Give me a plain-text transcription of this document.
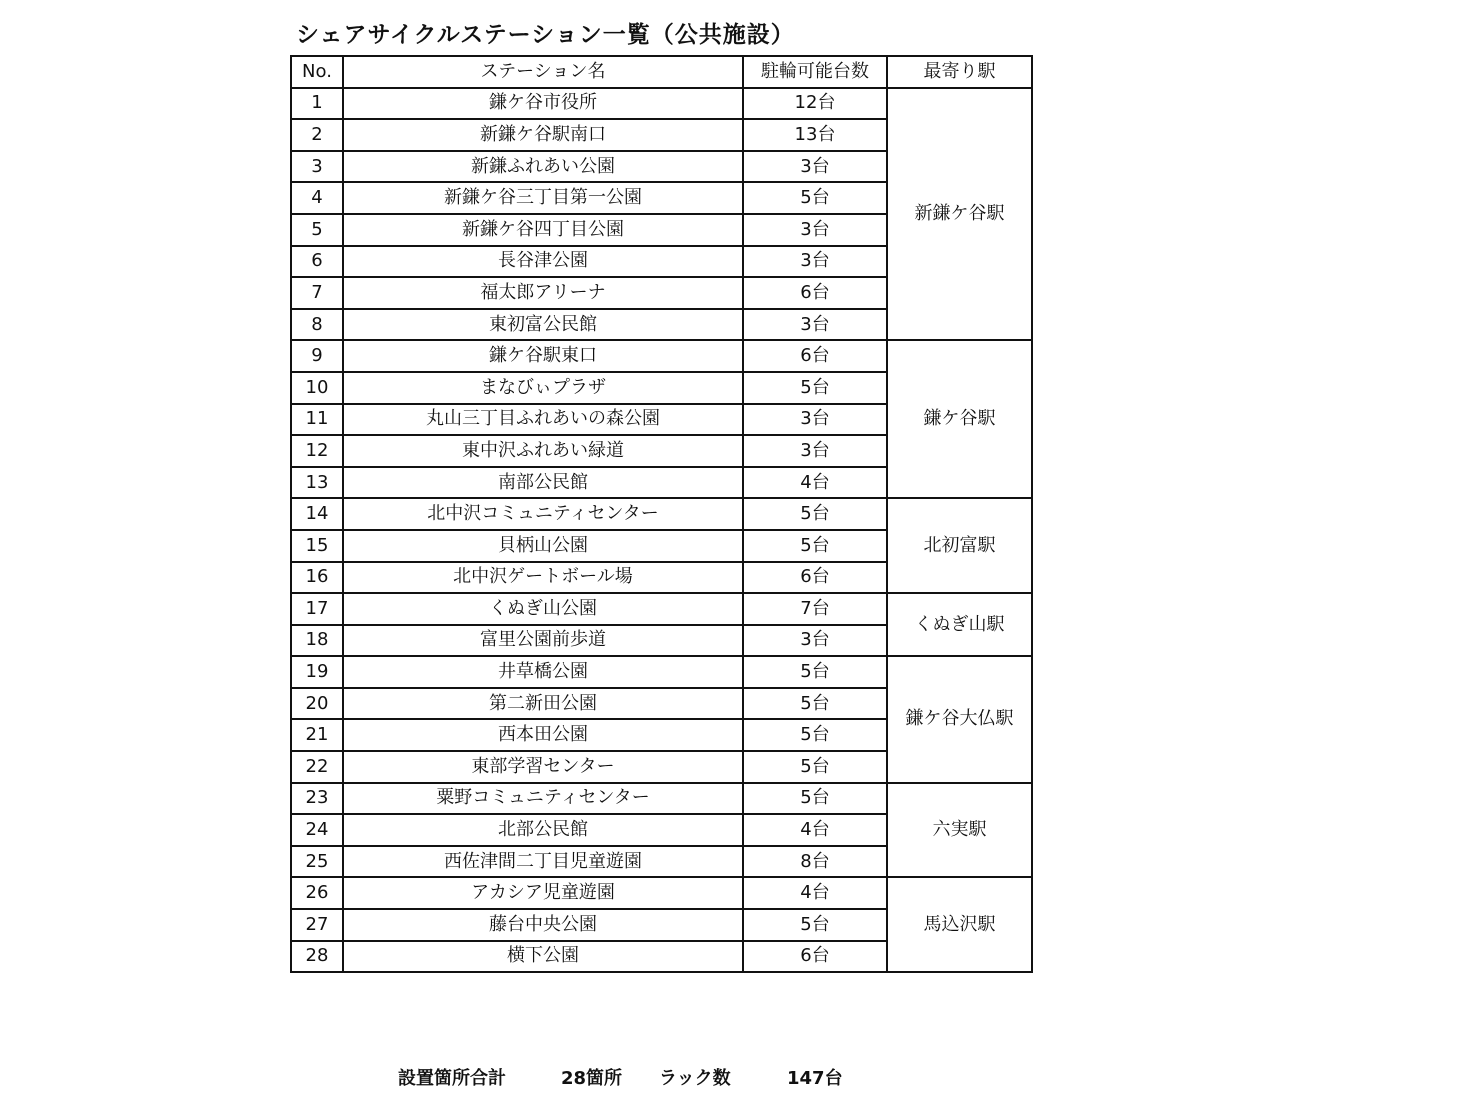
シェアサイクルステーション一覧（公共施設）
No.	ステーション名	駐輪可能台数	最寄り駅
1	鎌ケ谷市役所	12台	新鎌ケ谷駅
2	新鎌ケ谷駅南口	13台	
3	新鎌ふれあい公園	3台	
4	新鎌ケ谷三丁目第一公園	5台	
5	新鎌ケ谷四丁目公園	3台	
6	長谷津公園	3台	
7	福太郎アリーナ	6台	
8	東初富公民館	3台	
9	鎌ケ谷駅東口	6台	鎌ケ谷駅
10	まなびぃプラザ	5台	
11	丸山三丁目ふれあいの森公園	3台	
12	東中沢ふれあい緑道	3台	
13	南部公民館	4台	
14	北中沢コミュニティセンター	5台	北初富駅
15	貝柄山公園	5台	
16	北中沢ゲートボール場	6台	
17	くぬぎ山公園	7台	くぬぎ山駅
18	富里公園前歩道	3台	
19	井草橋公園	5台	鎌ケ谷大仏駅
20	第二新田公園	5台	
21	西本田公園	5台	
22	東部学習センター	5台	
23	粟野コミュニティセンター	5台	六実駅
24	北部公民館	4台	
25	西佐津間二丁目児童遊園	8台	
26	アカシア児童遊園	4台	馬込沢駅
27	藤台中央公園	5台	
28	横下公園	6台	
設置箇所合計	28箇所 ラック数	147台
